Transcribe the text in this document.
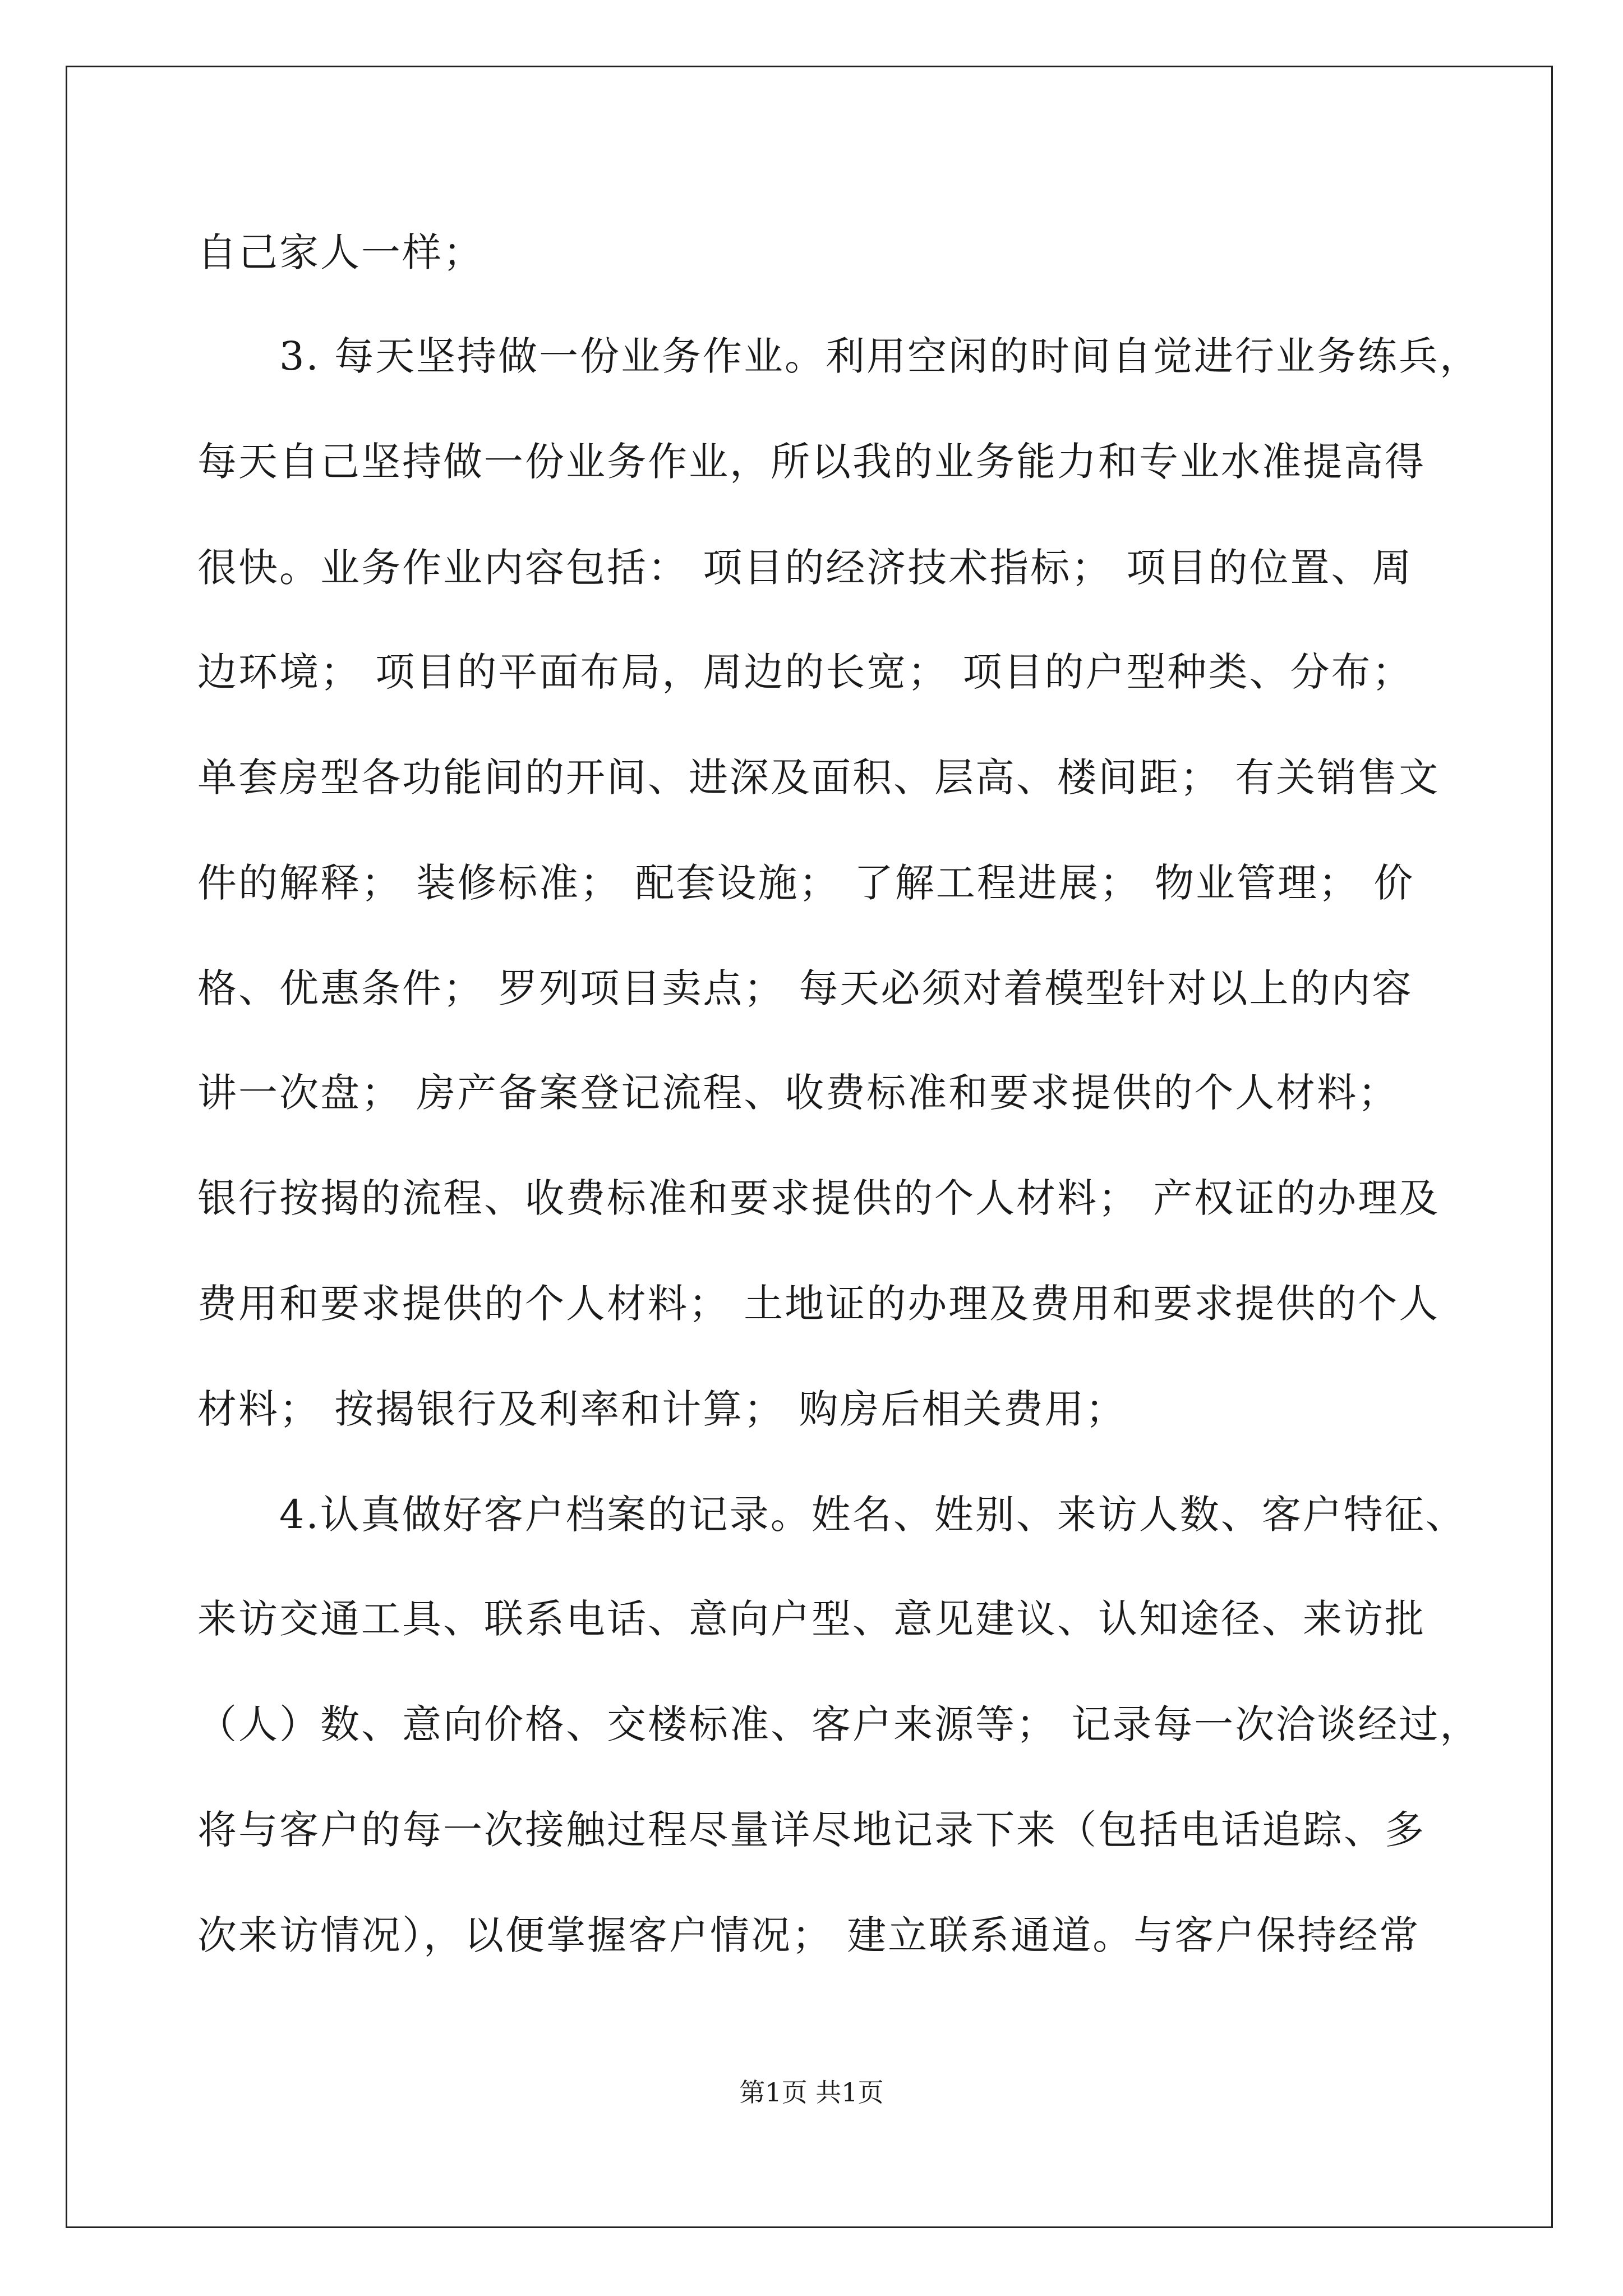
自己家人一样；
　　3. 每天坚持做一份业务作业。利用空闲的时间自觉进行业务练兵，
每天自己坚持做一份业务作业，所以我的业务能力和专业水准提高得
很快。业务作业内容包括： 项目的经济技术指标； 项目的位置、周
边环境； 项目的平面布局，周边的长宽； 项目的户型种类、分布；
单套房型各功能间的开间、进深及面积、层高、楼间距； 有关销售文
件的解释； 装修标准； 配套设施； 了解工程进展； 物业管理； 价
格、优惠条件； 罗列项目卖点； 每天必须对着模型针对以上的内容
讲一次盘； 房产备案登记流程、收费标准和要求提供的个人材料；
银行按揭的流程、收费标准和要求提供的个人材料； 产权证的办理及
费用和要求提供的个人材料； 土地证的办理及费用和要求提供的个人
材料； 按揭银行及利率和计算； 购房后相关费用；
　　4.认真做好客户档案的记录。姓名、姓别、来访人数、客户特征、
来访交通工具、联系电话、意向户型、意见建议、认知途径、来访批
（人）数、意向价格、交楼标准、客户来源等； 记录每一次洽谈经过，
将与客户的每一次接触过程尽量详尽地记录下来（包括电话追踪、多
次来访情况），以便掌握客户情况； 建立联系通道。与客户保持经常
第1页 共1页
